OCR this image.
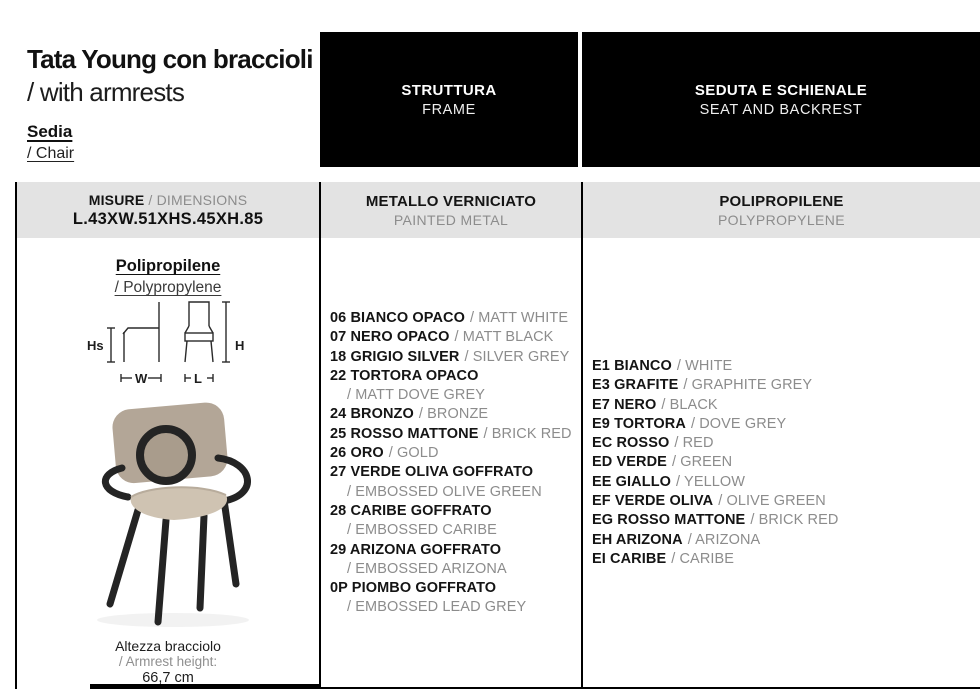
Tata Young con braccioli
/ with armrests
Sedia
/ Chair
STRUTTURA
FRAME
SEDUTA E SCHIENALE
SEAT AND BACKREST
MISURE / DIMENSIONS
L.43XW.51XHS.45XH.85
METALLO VERNICIATO
PAINTED METAL
POLIPROPILENE
POLYPROPYLENE
Polipropilene
/ Polypropylene
Hs
W
H
L
Altezza bracciolo
/ Armrest height:
66,7 cm
06 BIANCO OPACO / MATT WHITE
07 NERO OPACO / MATT BLACK
18 GRIGIO SILVER / SILVER GREY
22 TORTORA OPACO
/ MATT DOVE GREY
24 BRONZO / BRONZE
25 ROSSO MATTONE / BRICK RED
26 ORO / GOLD
27 VERDE OLIVA GOFFRATO
/ EMBOSSED OLIVE GREEN
28 CARIBE GOFFRATO
/ EMBOSSED CARIBE
29 ARIZONA GOFFRATO
/ EMBOSSED ARIZONA
0P PIOMBO GOFFRATO
/ EMBOSSED LEAD GREY
E1 BIANCO / WHITE
E3 GRAFITE / GRAPHITE GREY
E7 NERO / BLACK
E9 TORTORA / DOVE GREY
EC ROSSO / RED
ED VERDE / GREEN
EE GIALLO / YELLOW
EF VERDE OLIVA / OLIVE GREEN
EG ROSSO MATTONE / BRICK RED
EH ARIZONA / ARIZONA
EI CARIBE / CARIBE
